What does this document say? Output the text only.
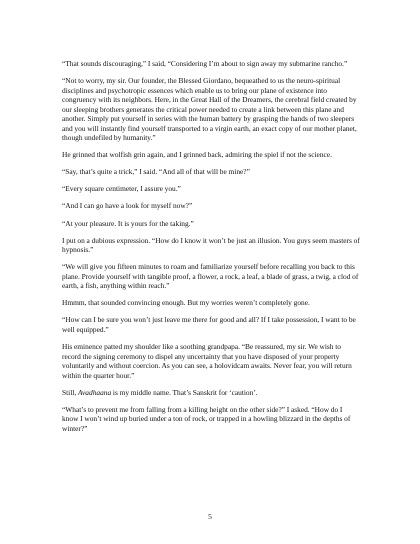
“That sounds discouraging,” I said, “Considering I’m about to sign away my submarine rancho.”

“Not to worry, my sir. Our founder, the Blessed Giordano, bequeathed to us the neuro-spiritual disciplines and psychotropic essences which enable us to bring our plane of existence into congruency with its neighbors. Here, in the Great Hall of the Dreamers, the cerebral field created by our sleeping brothers generates the critical power needed to create a link between this plane and another. Simply put yourself in series with the human battery by grasping the hands of two sleepers and you will instantly find yourself transported to a virgin earth, an exact copy of our mother planet, though undefiled by humanity.”

He grinned that wolfish grin again, and I grinned back, admiring the spiel if not the science.

“Say, that’s quite a trick,” I said. “And all of that will be mine?”

“Every square centimeter, I assure you.”

“And I can go have a look for myself now?”

“At your pleasure. It is yours for the taking.”

I put on a dubious expression. “How do I know it won’t be just an illusion. You guys seem masters of hypnosis.”

“We will give you fifteen minutes to roam and familiarize yourself before recalling you back to this plane. Provide yourself with tangible proof, a flower, a rock, a leaf, a blade of grass, a twig, a clod of earth, a fish, anything within reach.”

Hmmm, that sounded convincing enough. But my worries weren’t completely gone.

“How can I be sure you won’t just leave me there for good and all? If I take possession, I want to be well equipped.”

His eminence patted my shoulder like a soothing grandpapa. “Be reassured, my sir. We wish to record the signing ceremony to dispel any uncertainty that you have disposed of your property voluntarily and without coercion. As you can see, a holovidcam awaits. Never fear, you will return within the quarter hour.”

Still, Avadhaana is my middle name. That’s Sanskrit for ‘caution’.

“What’s to prevent me from falling from a killing height on the other side?” I asked. “How do I know I won’t wind up buried under a ton of rock, or trapped in a howling blizzard in the depths of winter?”

5
